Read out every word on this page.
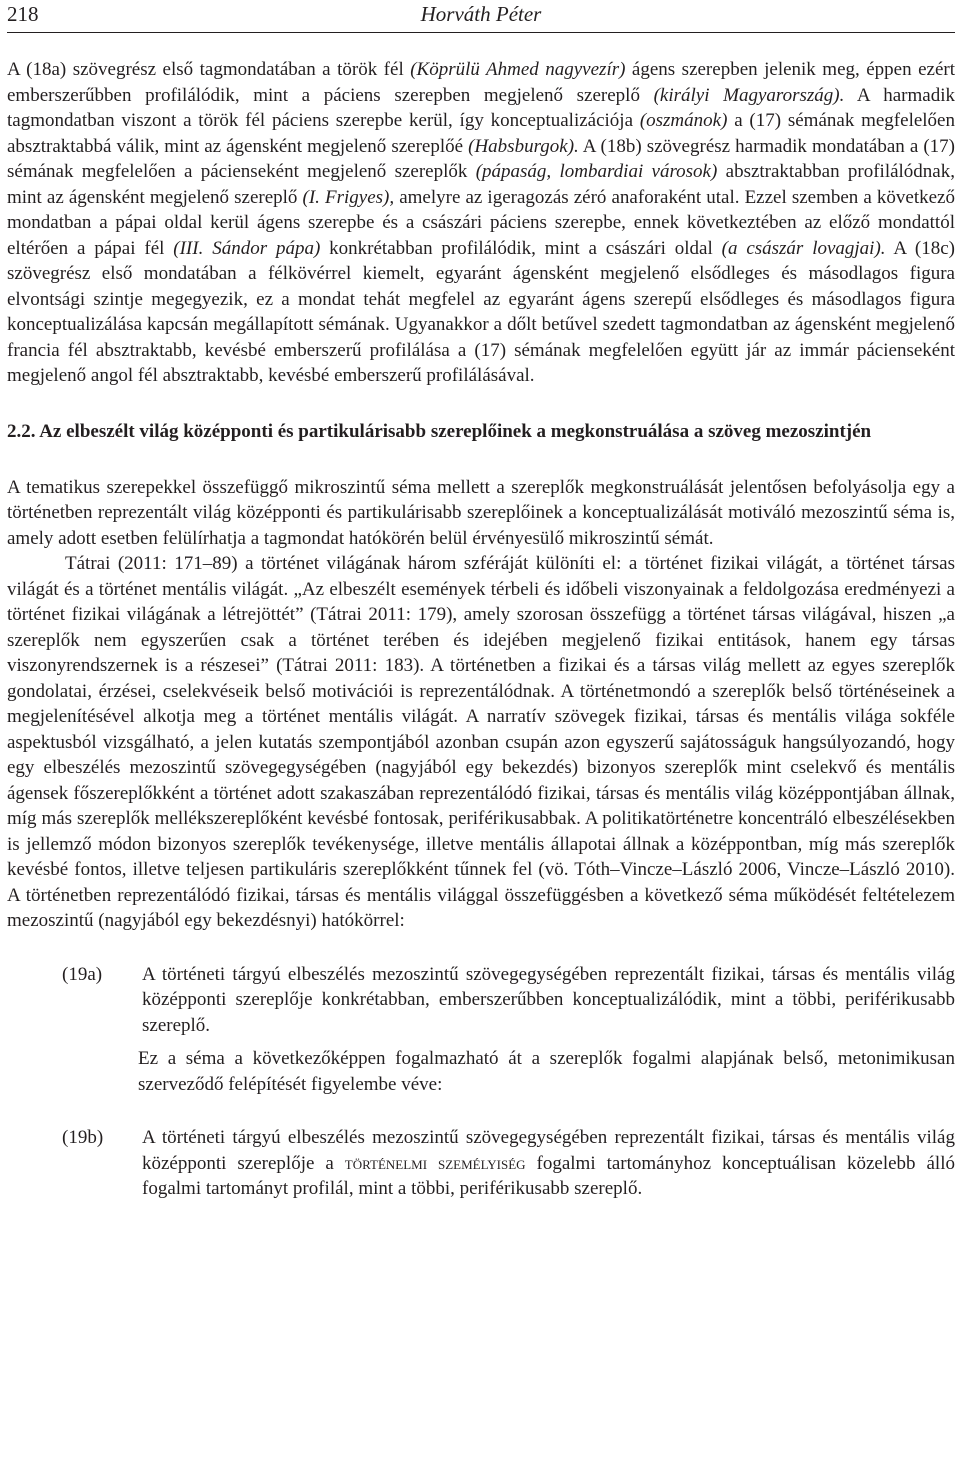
218	Horváth Péter

A (18a) szövegrész első tagmondatában a török fél (Köprülü Ahmed nagyvezír) ágens szerepben jelenik meg, éppen ezért emberszerűbben profilálódik, mint a páciens szerepben megjelenő szereplő (királyi Magyarország). A harmadik tagmondatban viszont a török fél páciens szerepbe kerül, így konceptualizációja (oszmánok) a (17) sémának megfelelően absztraktabbá válik, mint az ágensként megjelenő szereplőé (Habsburgok). A (18b) szövegrész harmadik mondatában a (17) sémának megfelelően a pácienseként megjelenő szereplők (pápaság, lombardiai városok) absztraktabban profilálódnak, mint az ágensként megjelenő szereplő (I. Frigyes), amelyre az igeragozás zéró anaforaként utal. Ezzel szemben a következő mondatban a pápai oldal kerül ágens szerepbe és a császári páciens szerepbe, ennek következtében az előző mondattól eltérően a pápai fél (III. Sándor pápa) konkrétabban profilálódik, mint a császári oldal (a császár lovagjai). A (18c) szövegrész első mondatában a félkövérrel kiemelt, egyaránt ágensként megjelenő elsődleges és másodlagos figura elvontsági szintje megegyezik, ez a mondat tehát megfelel az egyaránt ágens szerepű elsődleges és másodlagos figura konceptualizálása kapcsán megállapított sémának. Ugyanakkor a dőlt betűvel szedett tagmondatban az ágensként megjelenő francia fél absztraktabb, kevésbé emberszerű profilálása a (17) sémának megfelelően együtt jár az immár pácienseként megjelenő angol fél absztraktabb, kevésbé emberszerű profilálásával.

2.2. Az elbeszélt világ középponti és partikulárisabb szereplőinek a megkonstruálása a szöveg mezoszintjén

A tematikus szerepekkel összefüggő mikroszintű séma mellett a szereplők megkonstruálását jelentősen befolyásolja egy a történetben reprezentált világ középponti és partikulárisabb szereplőinek a konceptualizálását motiváló mezoszintű séma is, amely adott esetben felülírhatja a tagmondat hatókörén belül érvényesülő mikroszintű sémát.

Tátrai (2011: 171–89) a történet világának három szféráját különíti el: a történet fizikai világát, a történet társas világát és a történet mentális világát. „Az elbeszélt események térbeli és időbeli viszonyainak a feldolgozása eredményezi a történet fizikai világának a létrejöttét” (Tátrai 2011: 179), amely szorosan összefügg a történet társas világával, hiszen „a szereplők nem egyszerűen csak a történet terében és idejében megjelenő fizikai entitások, hanem egy társas viszonyrendszernek is a részesei” (Tátrai 2011: 183). A történetben a fizikai és a társas világ mellett az egyes szereplők gondolatai, érzései, cselekvéseik belső motivációi is reprezentálódnak. A történetmondó a szereplők belső történéseinek a megjelenítésével alkotja meg a történet mentális világát. A narratív szövegek fizikai, társas és mentális világa sokféle aspektusból vizsgálható, a jelen kutatás szempontjából azonban csupán azon egyszerű sajátosságuk hangsúlyozandó, hogy egy elbeszélés mezoszintű szövegegységében (nagyjából egy bekezdés) bizonyos szereplők mint cselekvő és mentális ágensek főszereplőkként a történet adott szakaszában reprezentálódó fizikai, társas és mentális világ középpontjában állnak, míg más szereplők mellékszereplőként kevésbé fontosak, periférikusabbak. A politikatörténetre koncentráló elbeszélésekben is jellemző módon bizonyos szereplők tevékenysége, illetve mentális állapotai állnak a középpontban, míg más szereplők kevésbé fontos, illetve teljesen partikuláris szereplőkként tűnnek fel (vö. Tóth–Vincze–László 2006, Vincze–László 2010). A történetben reprezentálódó fizikai, társas és mentális világgal összefüggésben a következő séma működését feltételezem mezoszintű (nagyjából egy bekezdésnyi) hatókörrel:

(19a)	A történeti tárgyú elbeszélés mezoszintű szövegegységében reprezentált fizikai, társas és mentális világ középponti szereplője konkrétabban, emberszerűbben konceptualizálódik, mint a többi, periférikusabb szereplő.

Ez a séma a következőképpen fogalmazható át a szereplők fogalmi alapjának belső, metonimikusan szerveződő felépítését figyelembe véve:

(19b)	A történeti tárgyú elbeszélés mezoszintű szövegegységében reprezentált fizikai, társas és mentális világ középponti szereplője a történelmi személyiség fogalmi tartományhoz konceptuálisan közelebb álló fogalmi tartományt profilál, mint a többi, periférikusabb szereplő.
